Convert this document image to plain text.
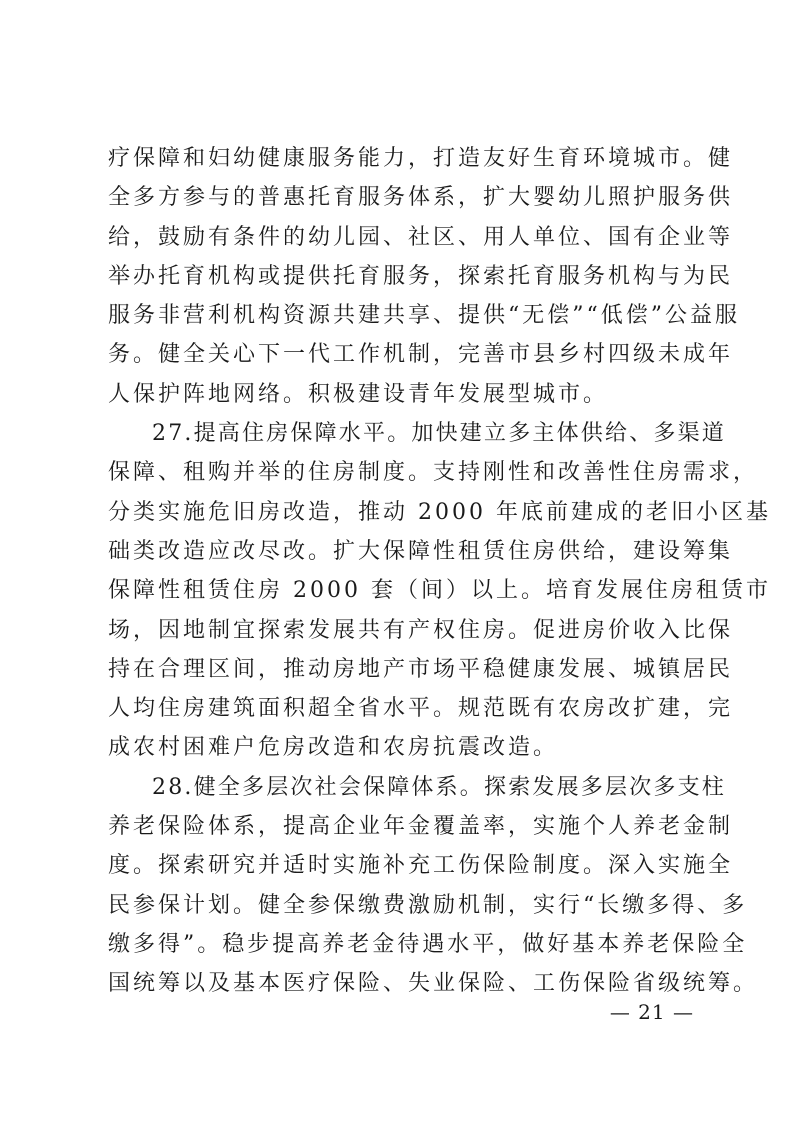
疗保障和妇幼健康服务能力，打造友好生育环境城市。健
全多方参与的普惠托育服务体系，扩大婴幼儿照护服务供
给，鼓励有条件的幼儿园、社区、用人单位、国有企业等
举办托育机构或提供托育服务，探索托育服务机构与为民
服务非营利机构资源共建共享、提供“无偿”“低偿”公益服
务。健全关心下一代工作机制，完善市县乡村四级未成年
人保护阵地网络。积极建设青年发展型城市。
27.提高住房保障水平。加快建立多主体供给、多渠道
保障、租购并举的住房制度。支持刚性和改善性住房需求，
分类实施危旧房改造，推动 2000 年底前建成的老旧小区基
础类改造应改尽改。扩大保障性租赁住房供给，建设筹集
保障性租赁住房 2000 套（间）以上。培育发展住房租赁市
场，因地制宜探索发展共有产权住房。促进房价收入比保
持在合理区间，推动房地产市场平稳健康发展、城镇居民
人均住房建筑面积超全省水平。规范既有农房改扩建，完
成农村困难户危房改造和农房抗震改造。
28.健全多层次社会保障体系。探索发展多层次多支柱
养老保险体系，提高企业年金覆盖率，实施个人养老金制
度。探索研究并适时实施补充工伤保险制度。深入实施全
民参保计划。健全参保缴费激励机制，实行“长缴多得、多
缴多得”。稳步提高养老金待遇水平，做好基本养老保险全
国统筹以及基本医疗保险、失业保险、工伤保险省级统筹。
— 21 —
